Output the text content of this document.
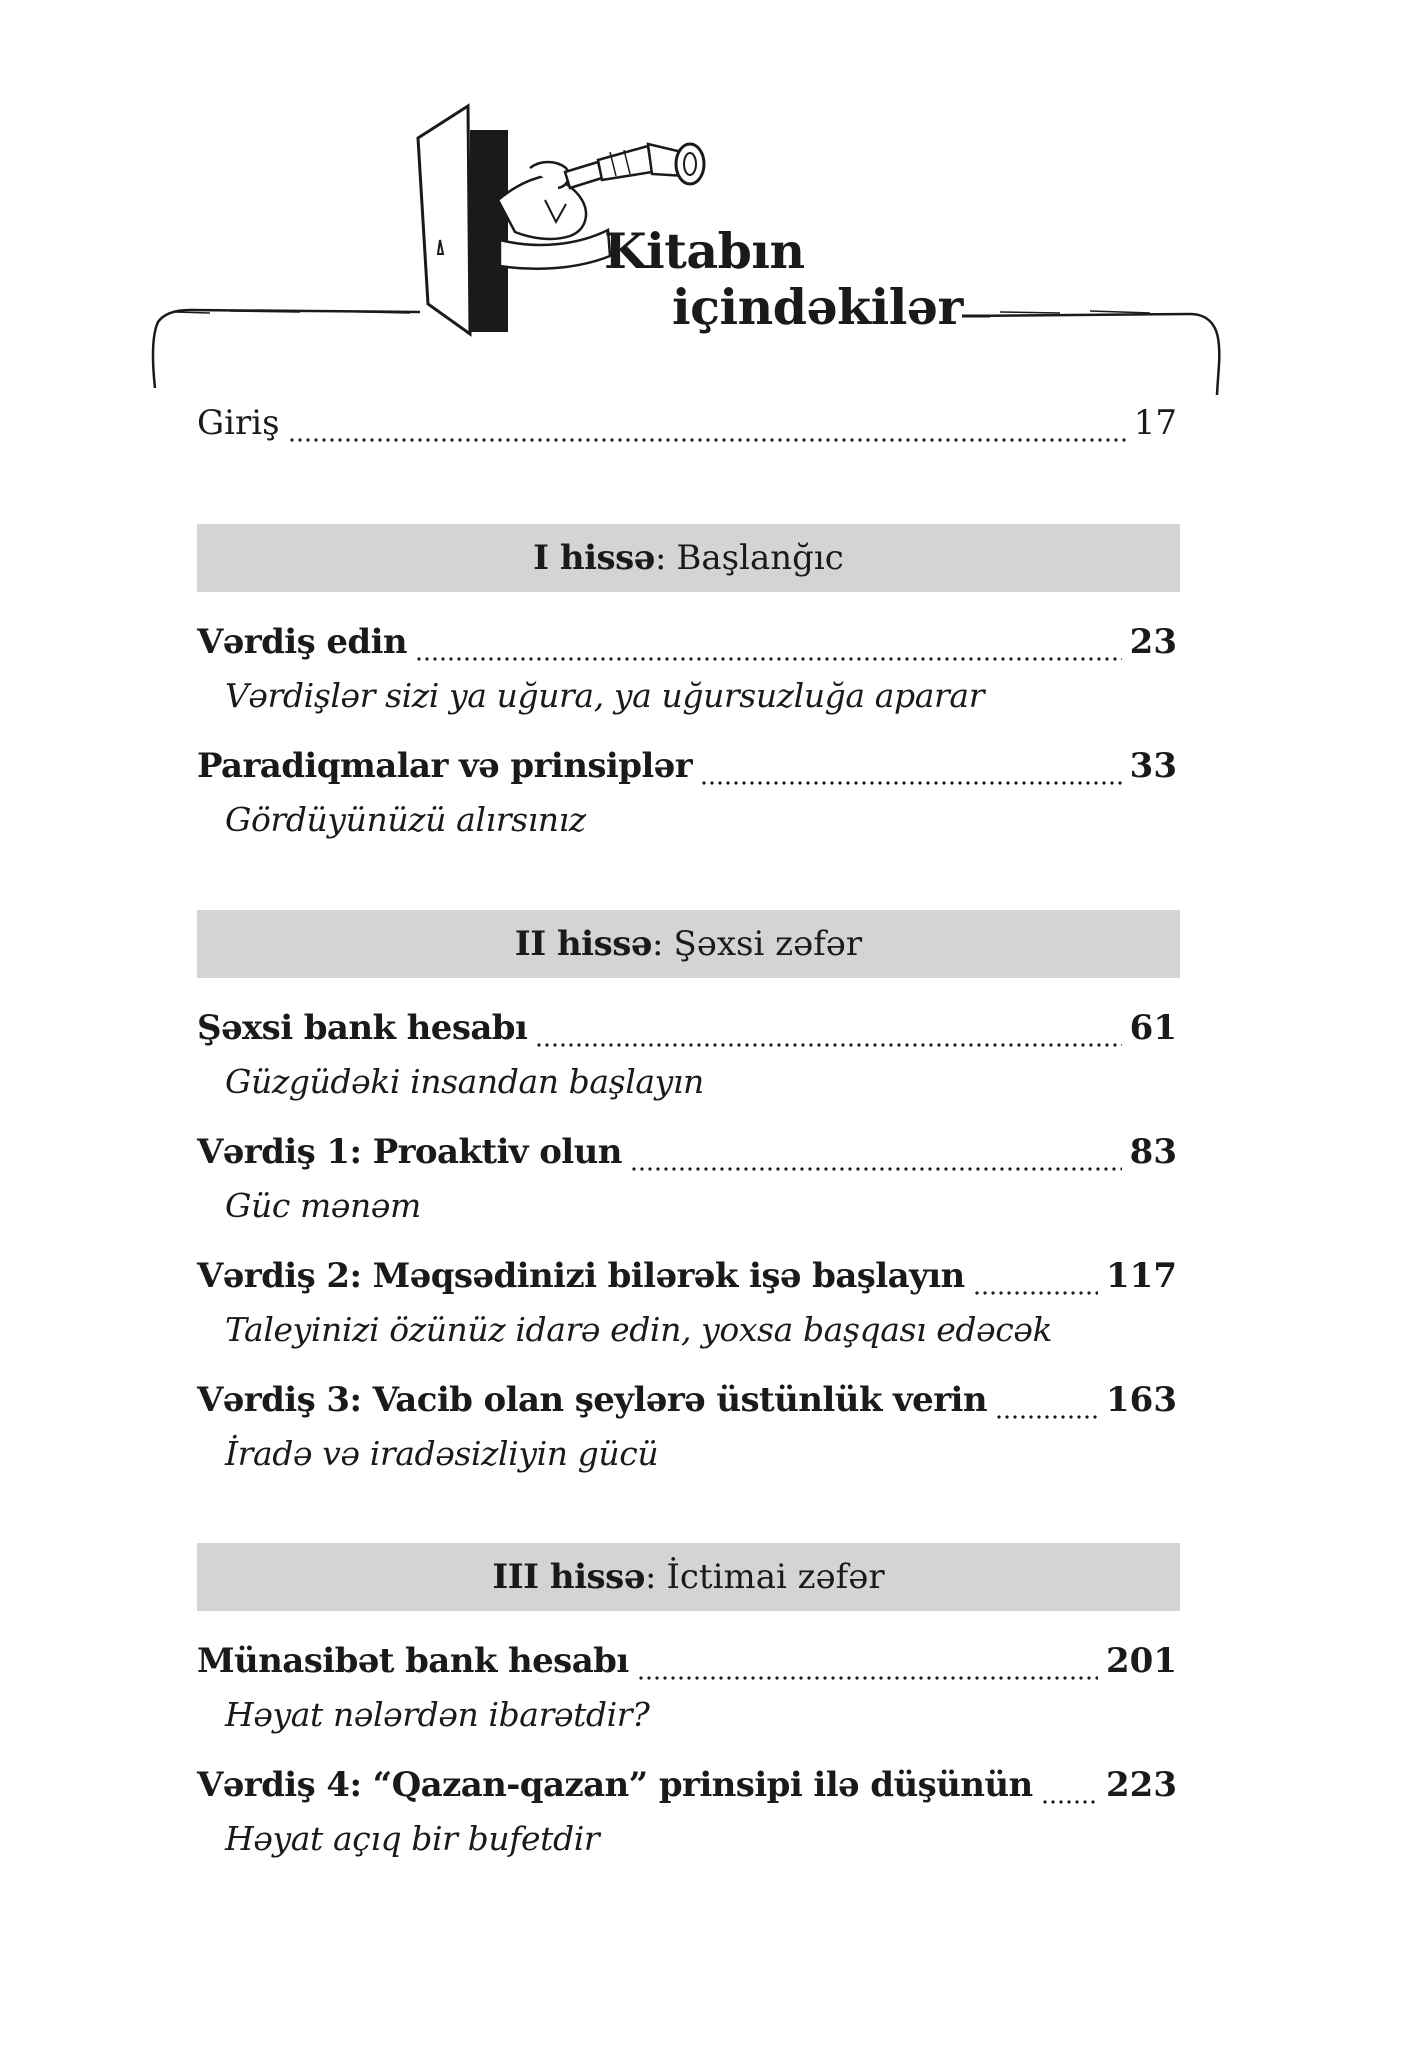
Kitabın
içindəkilər
Giriş	17
I hissə : Başlanğıc
Vərdiş edin	23
Vərdişlər sizi ya uğura, ya uğursuzluğa aparar
Paradiqmalar və prinsiplər	33
Gördüyünüzü alırsınız
II hissə : Şəxsi zəfər
Şəxsi bank hesabı	61
Güzgüdəki insandan başlayın
Vərdiş 1: Proaktiv olun	83
Güc mənəm
Vərdiş 2: Məqsədinizi bilərək işə başlayın	117
Taleyinizi özünüz idarə edin, yoxsa başqası edəcək
Vərdiş 3: Vacib olan şeylərə üstünlük verin	163
İradə və iradəsizliyin gücü
III hissə : İctimai zəfər
Münasibət bank hesabı	201
Həyat nələrdən ibarətdir?
Vərdiş 4: “Qazan-qazan” prinsipi ilə düşünün 223
Həyat açıq bir bufetdir
